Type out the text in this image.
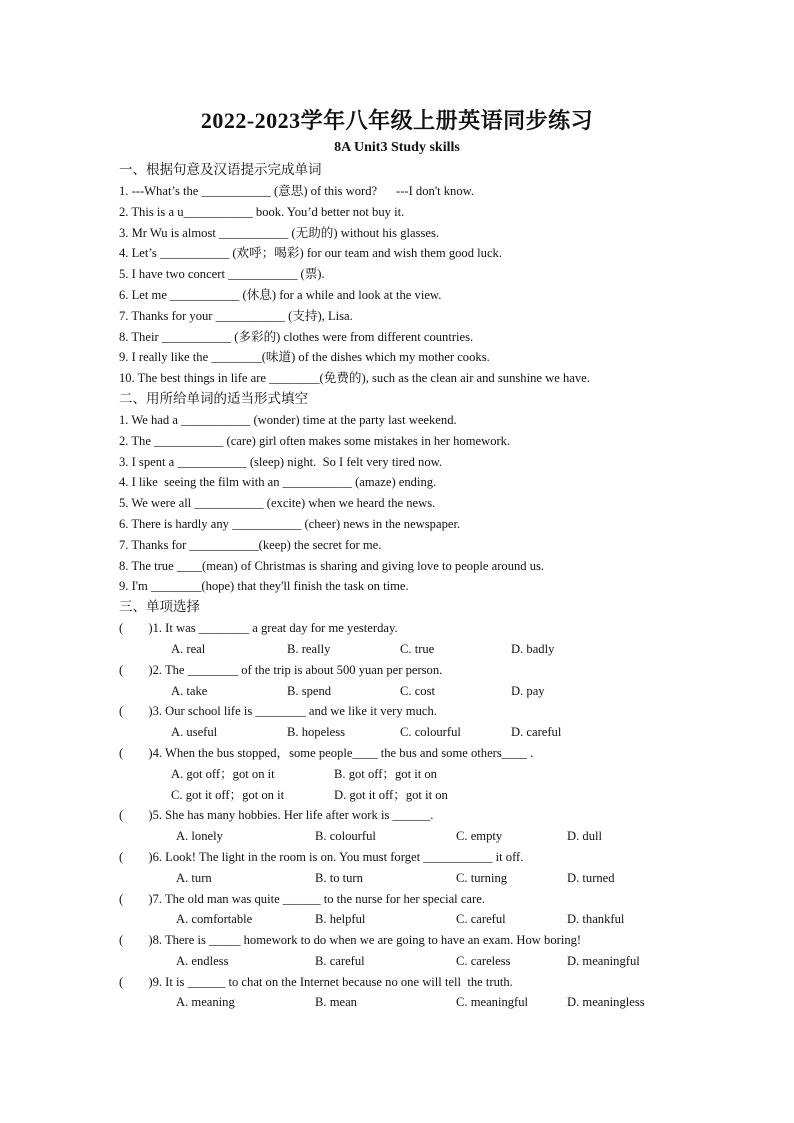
2022-2023学年八年级上册英语同步练习
8A Unit3 Study skills
一、根据句意及汉语提示完成单词
1. ---What’s the ___________ (意思) of this word?      ---I don't know.
2. This is a u___________ book. You’d better not buy it.
3. Mr Wu is almost ___________ (无助的) without his glasses.
4. Let’s ___________ (欢呼；喝彩) for our team and wish them good luck.
5. I have two concert ___________ (票).
6. Let me ___________ (休息) for a while and look at the view.
7. Thanks for your ___________ (支持), Lisa.
8. Their ___________ (多彩的) clothes were from different countries.
9. I really like the ________(味道) of the dishes which my mother cooks.
10. The best things in life are ________(免费的), such as the clean air and sunshine we have.
二、用所给单词的适当形式填空
1. We had a ___________ (wonder) time at the party last weekend.
2. The ___________ (care) girl often makes some mistakes in her homework.
3. I spent a ___________ (sleep) night.  So I felt very tired now.
4. I like  seeing the film with an ___________ (amaze) ending.
5. We were all ___________ (excite) when we heard the news.
6. There is hardly any ___________ (cheer) news in the newspaper.
7. Thanks for ___________(keep) the secret for me.
8. The true ____(mean) of Christmas is sharing and giving love to people around us.
9. I'm ________(hope) that they'll finish the task on time.
三、单项选择
(        )1. It was ________ a great day for me yesterday.
A. real	B. really	C. true	D. badly
(        )2. The ________ of the trip is about 500 yuan per person.
A. take	B. spend	C. cost	D. pay
(        )3. Our school life is ________ and we like it very much.
A. useful	B. hopeless	C. colourful	D. careful
(        )4. When the bus stopped，some people____ the bus and some others____ .
A. got off；got on it	B. got off；got it on
C. got it off；got on it	D. got it off；got it on
(        )5. She has many hobbies. Her life after work is ______.
A. lonely	B. colourful	C. empty	D. dull
(        )6. Look! The light in the room is on. You must forget ___________ it off.
A. turn	B. to turn	C. turning	D. turned
(        )7. The old man was quite ______ to the nurse for her special care.
A. comfortable	B. helpful	C. careful	D. thankful
(        )8. There is _____ homework to do when we are going to have an exam. How boring!
A. endless	B. careful	C. careless	D. meaningful
(        )9. It is ______ to chat on the Internet because no one will tell  the truth.
A. meaning	B. mean	C. meaningful	D. meaningless
